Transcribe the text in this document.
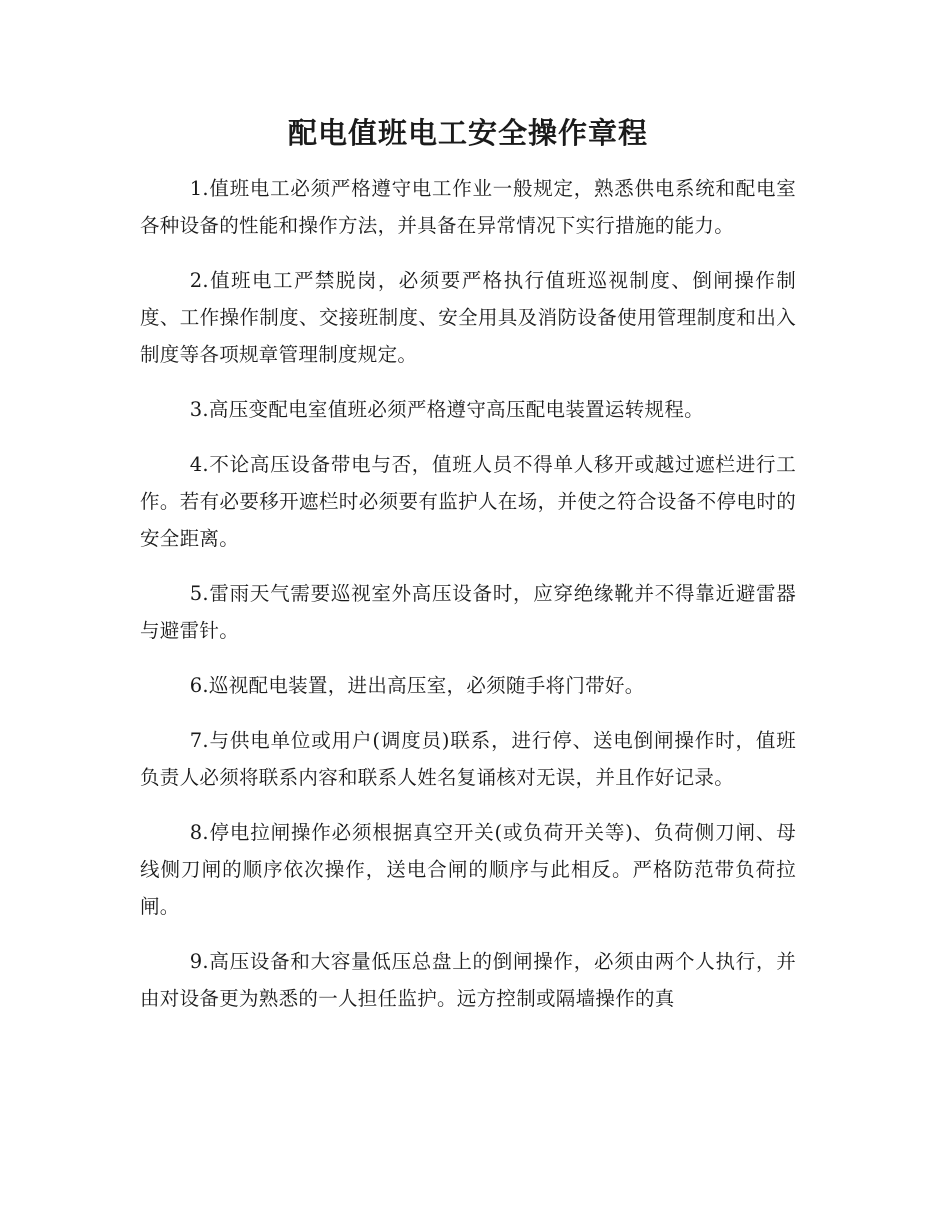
配电值班电工安全操作章程

1.值班电工必须严格遵守电工作业一般规定，熟悉供电系统和配电室各种设备的性能和操作方法，并具备在异常情况下实行措施的能力。

2.值班电工严禁脱岗，必须要严格执行值班巡视制度、倒闸操作制度、工作操作制度、交接班制度、安全用具及消防设备使用管理制度和出入制度等各项规章管理制度规定。

3.高压变配电室值班必须严格遵守高压配电装置运转规程。

4.不论高压设备带电与否，值班人员不得单人移开或越过遮栏进行工作。若有必要移开遮栏时必须要有监护人在场，并使之符合设备不停电时的安全距离。

5.雷雨天气需要巡视室外高压设备时，应穿绝缘靴并不得靠近避雷器与避雷针。

6.巡视配电装置，进出高压室，必须随手将门带好。

7.与供电单位或用户(调度员)联系，进行停、送电倒闸操作时，值班负责人必须将联系内容和联系人姓名复诵核对无误，并且作好记录。

8.停电拉闸操作必须根据真空开关(或负荷开关等)、负荷侧刀闸、母线侧刀闸的顺序依次操作，送电合闸的顺序与此相反。严格防范带负荷拉闸。

9.高压设备和大容量低压总盘上的倒闸操作，必须由两个人执行，并由对设备更为熟悉的一人担任监护。远方控制或隔墙操作的真
